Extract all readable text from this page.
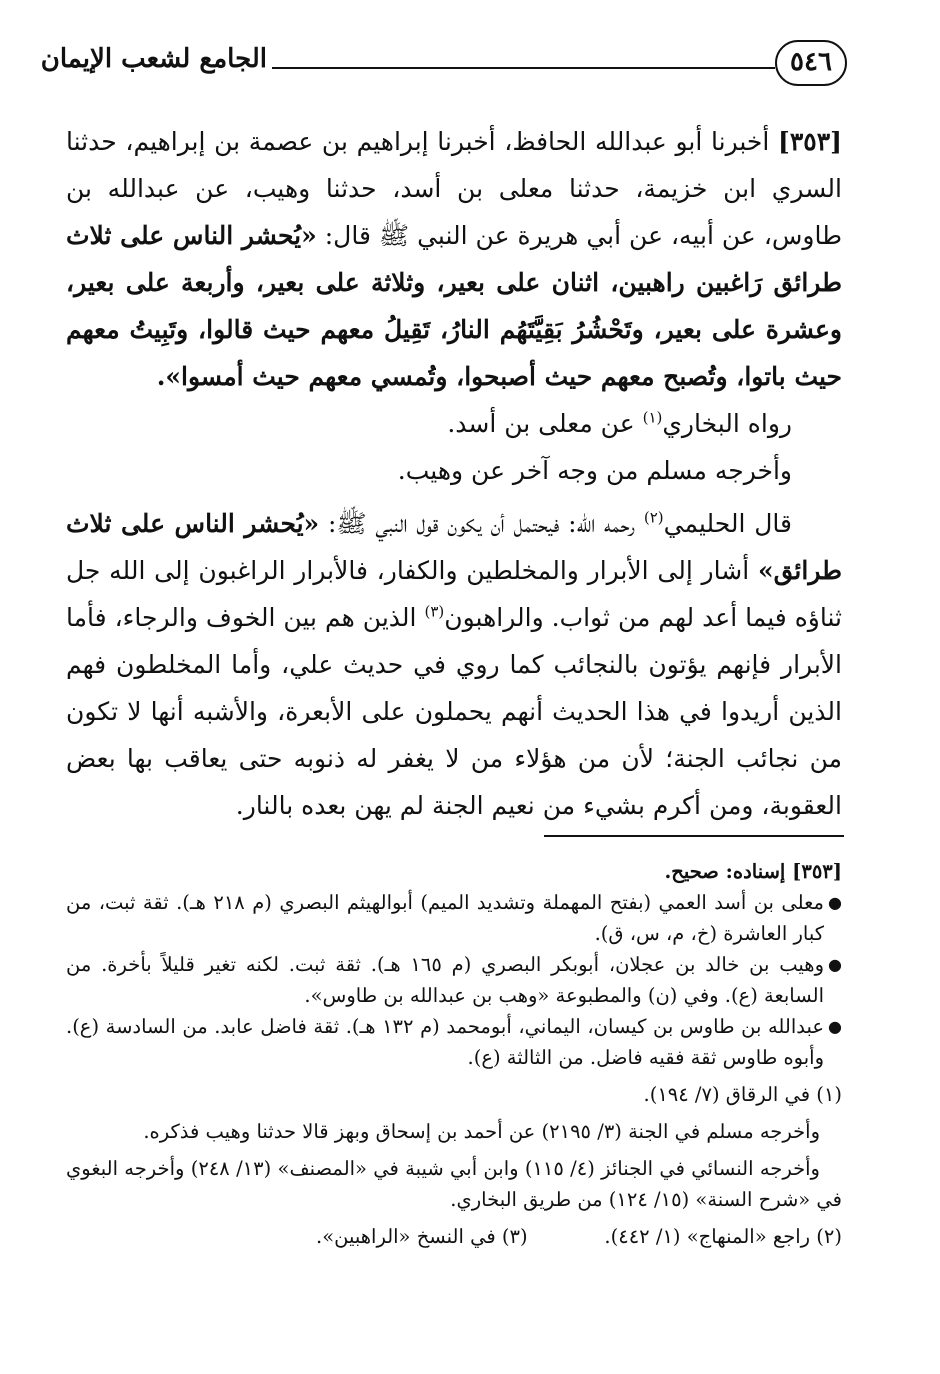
٥٤٦
الجامع لشعب الإيمان

[٣٥٣] أخبرنا أبو عبدالله الحافظ، أخبرنا إبراهيم بن عصمة بن إبراهيم، حدثنا السري ابن خزيمة، حدثنا معلى بن أسد، حدثنا وهيب، عن عبدالله بن طاوس، عن أبيه، عن أبي هريرة عن النبي ﷺ قال: «يُحشر الناس على ثلاث طرائق رَاغبين راهبين، اثنان على بعير، وثلاثة على بعير، وأربعة على بعير، وعشرة على بعير، وتَحْشُرُ بَقِيَّتَهُم النارُ، تَقِيلُ معهم حيث قالوا، وتَبِيتُ معهم حيث باتوا، وتُصبح معهم حيث أصبحوا، وتُمسي معهم حيث أمسوا».

رواه البخاري$^{(١)}$ عن معلى بن أسد.

وأخرجه مسلم من وجه آخر عن وهيب.

قال الحليمي$^{(٢)}$ رحمه الله: فيحتمل أن يكون قول النبي ﷺ: «يُحشر الناس على ثلاث طرائق» أشار إلى الأبرار والمخلطين والكفار، فالأبرار الراغبون إلى الله جل ثناؤه فيما أعد لهم من ثواب. والراهبون$^{(٣)}$ الذين هم بين الخوف والرجاء، فأما الأبرار فإنهم يؤتون بالنجائب كما روي في حديث علي، وأما المخلطون فهم الذين أريدوا في هذا الحديث أنهم يحملون على الأبعرة، والأشبه أنها لا تكون من نجائب الجنة؛ لأن من هؤلاء من لا يغفر له ذنوبه حتى يعاقب بها بعض العقوبة، ومن أكرم بشيء من نعيم الجنة لم يهن بعده بالنار.

[٣٥٣] إسناده: صحيح.

●
معلى بن أسد العمي (بفتح المهملة وتشديد الميم) أبوالهيثم البصري (م ٢١٨ هـ). ثقة ثبت، من كبار العاشرة (خ، م، س، ق).

●
وهيب بن خالد بن عجلان، أبوبكر البصري (م ١٦٥ هـ). ثقة ثبت. لكنه تغير قليلاً بأخرة. من السابعة (ع). وفي (ن) والمطبوعة «وهب بن عبدالله بن طاوس».

●
عبدالله بن طاوس بن كيسان، اليماني، أبومحمد (م ١٣٢ هـ). ثقة فاضل عابد. من السادسة (ع). وأبوه طاوس ثقة فقيه فاضل. من الثالثة (ع).

(١) في الرقاق (٧/ ١٩٤).

وأخرجه مسلم في الجنة (٣/ ٢١٩٥) عن أحمد بن إسحاق وبهز قالا حدثنا وهيب فذكره.

وأخرجه النسائي في الجنائز (٤/ ١١٥) وابن أبي شيبة في «المصنف» (١٣/ ٢٤٨) وأخرجه البغوي في «شرح السنة» (١٥/ ١٢٤) من طريق البخاري.

(٢) راجع «المنهاج» (١/ ٤٤٢).
(٣) في النسخ «الراهبين».
